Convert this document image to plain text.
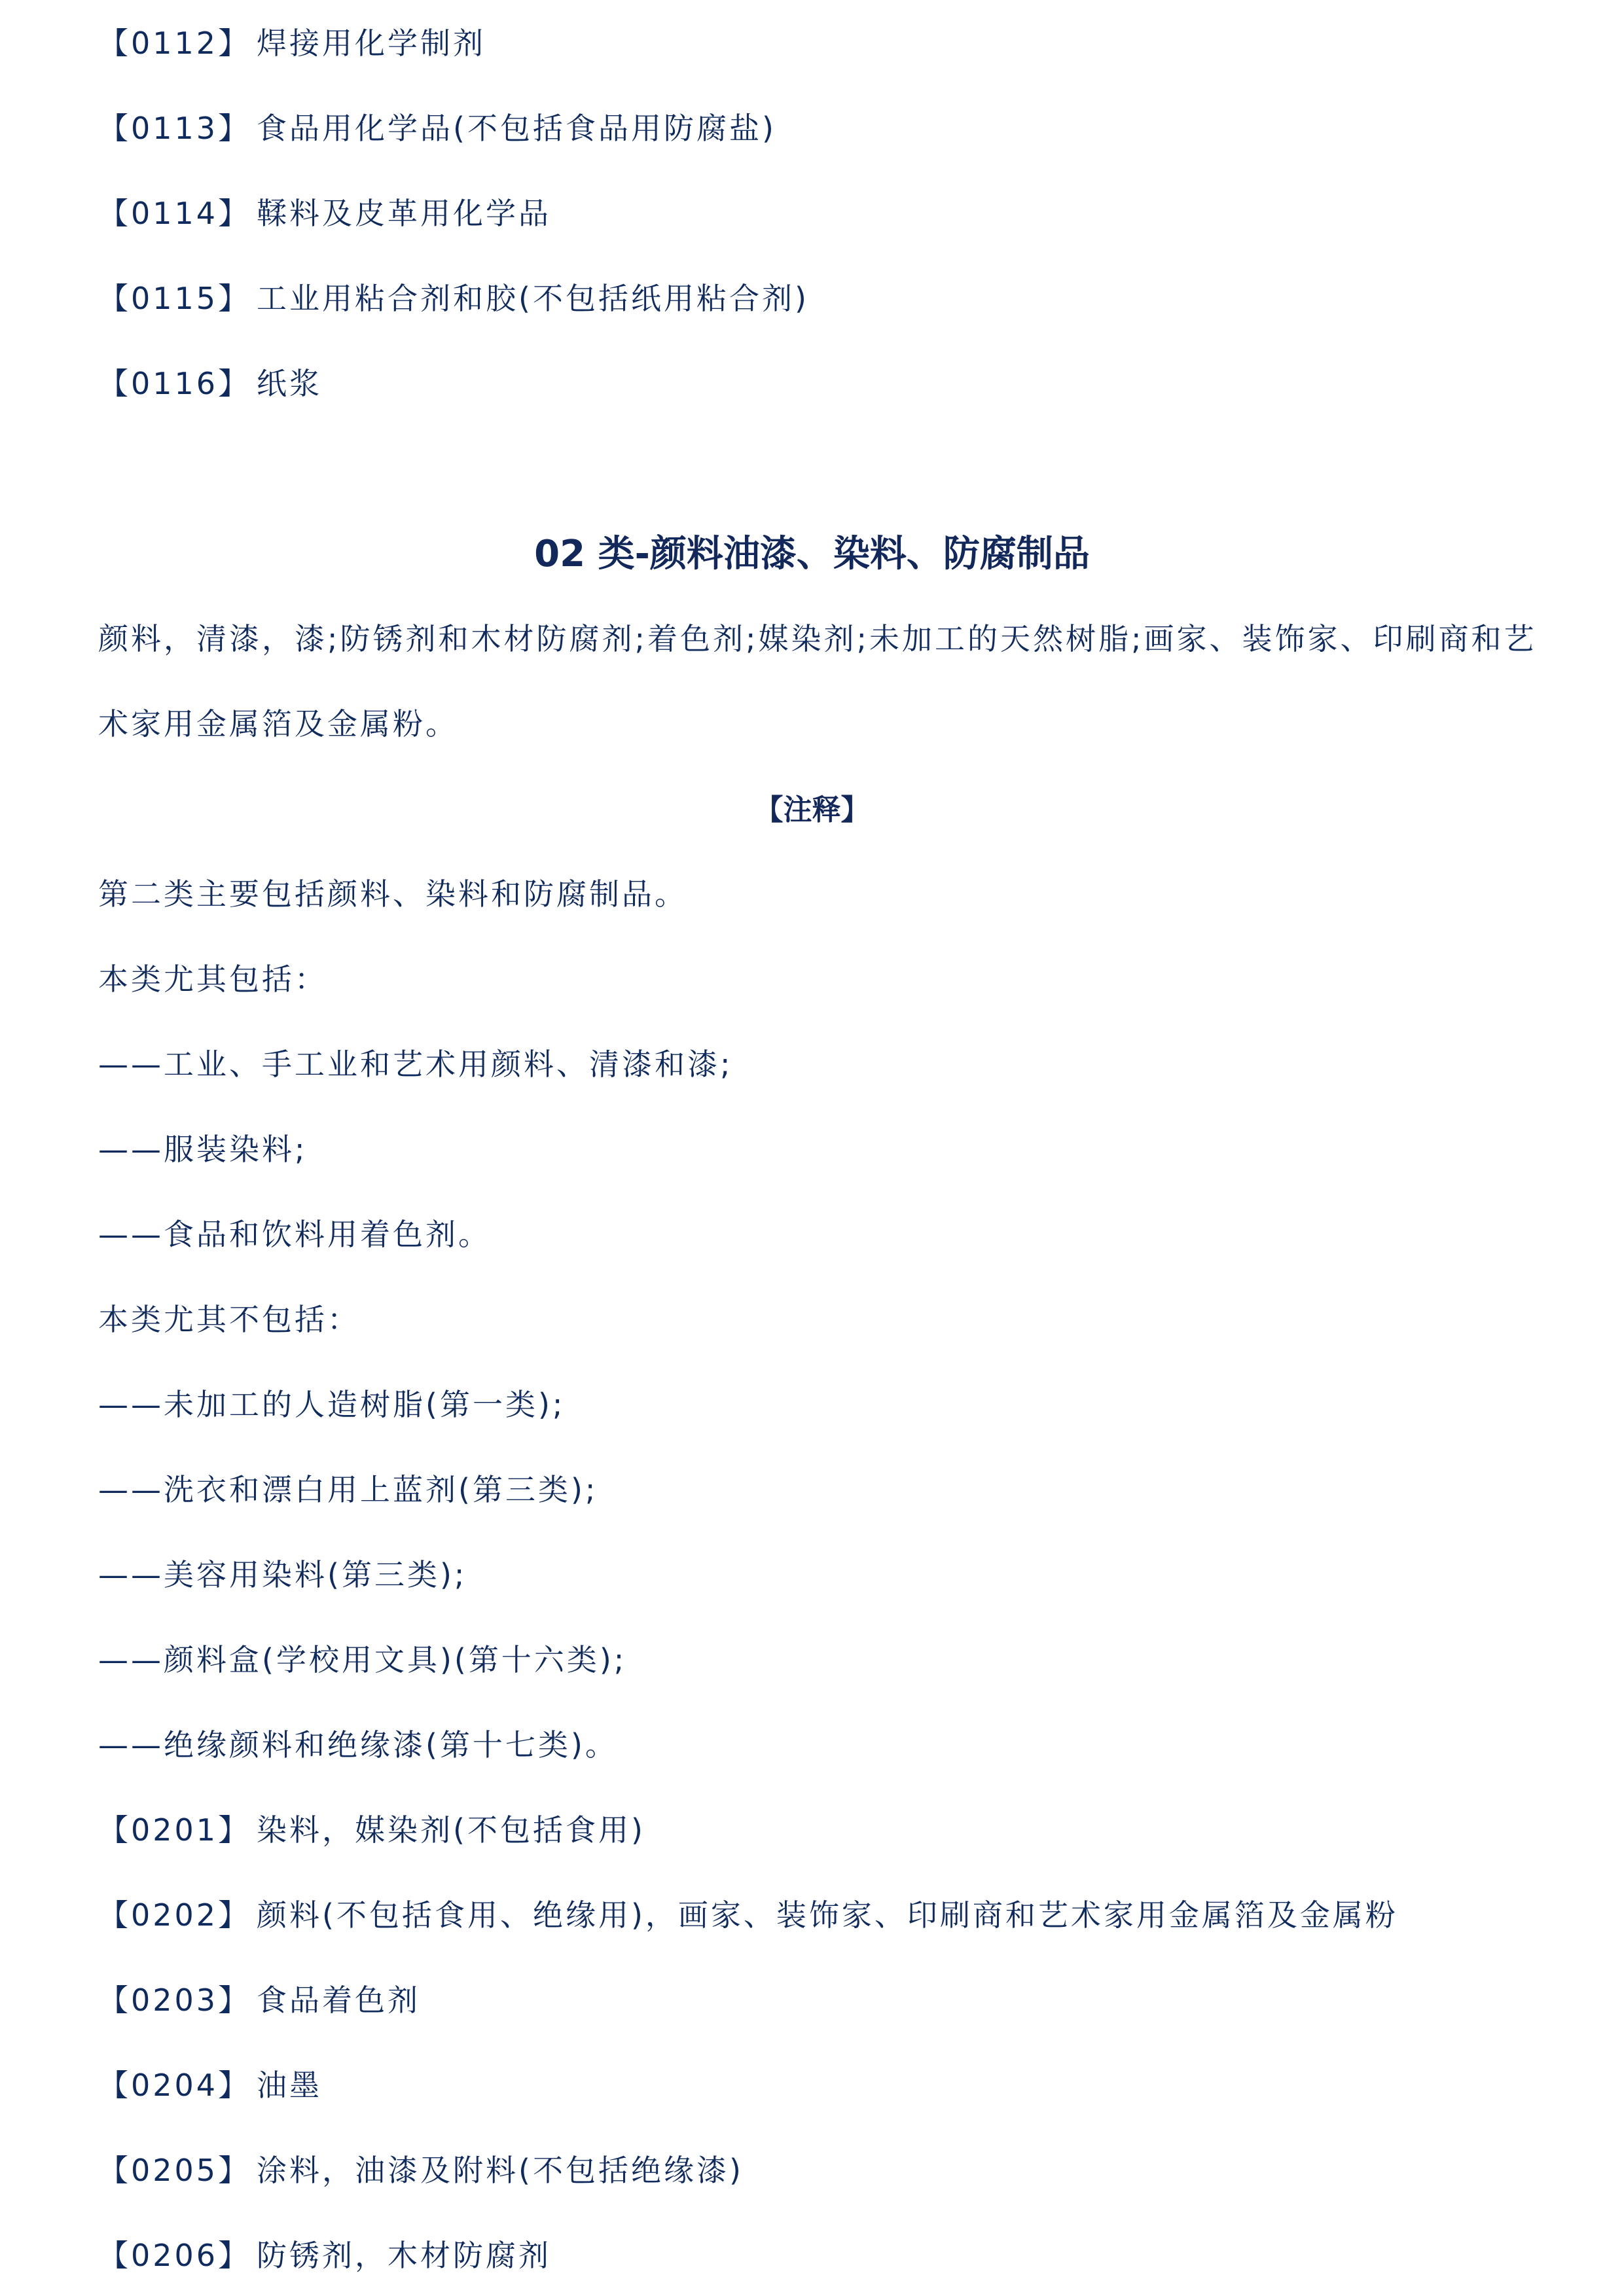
【0112】 焊接用化学制剂
【0113】 食品用化学品(不包括食品用防腐盐)
【0114】 鞣料及皮革用化学品
【0115】 工业用粘合剂和胶(不包括纸用粘合剂)
【0116】 纸浆
02 类-颜料油漆、染料、防腐制品
颜料，清漆，漆;防锈剂和木材防腐剂;着色剂;媒染剂;未加工的天然树脂;画家、装饰家、印刷商和艺
术家用金属箔及金属粉。
【注释】
第二类主要包括颜料、染料和防腐制品。
本类尤其包括：
——工业、手工业和艺术用颜料、清漆和漆;
——服装染料;
——食品和饮料用着色剂。
本类尤其不包括：
——未加工的人造树脂(第一类);
——洗衣和漂白用上蓝剂(第三类);
——美容用染料(第三类);
——颜料盒(学校用文具)(第十六类);
——绝缘颜料和绝缘漆(第十七类)。
【0201】 染料，媒染剂(不包括食用)
【0202】 颜料(不包括食用、绝缘用)，画家、装饰家、印刷商和艺术家用金属箔及金属粉
【0203】 食品着色剂
【0204】 油墨
【0205】 涂料，油漆及附料(不包括绝缘漆)
【0206】 防锈剂，木材防腐剂
